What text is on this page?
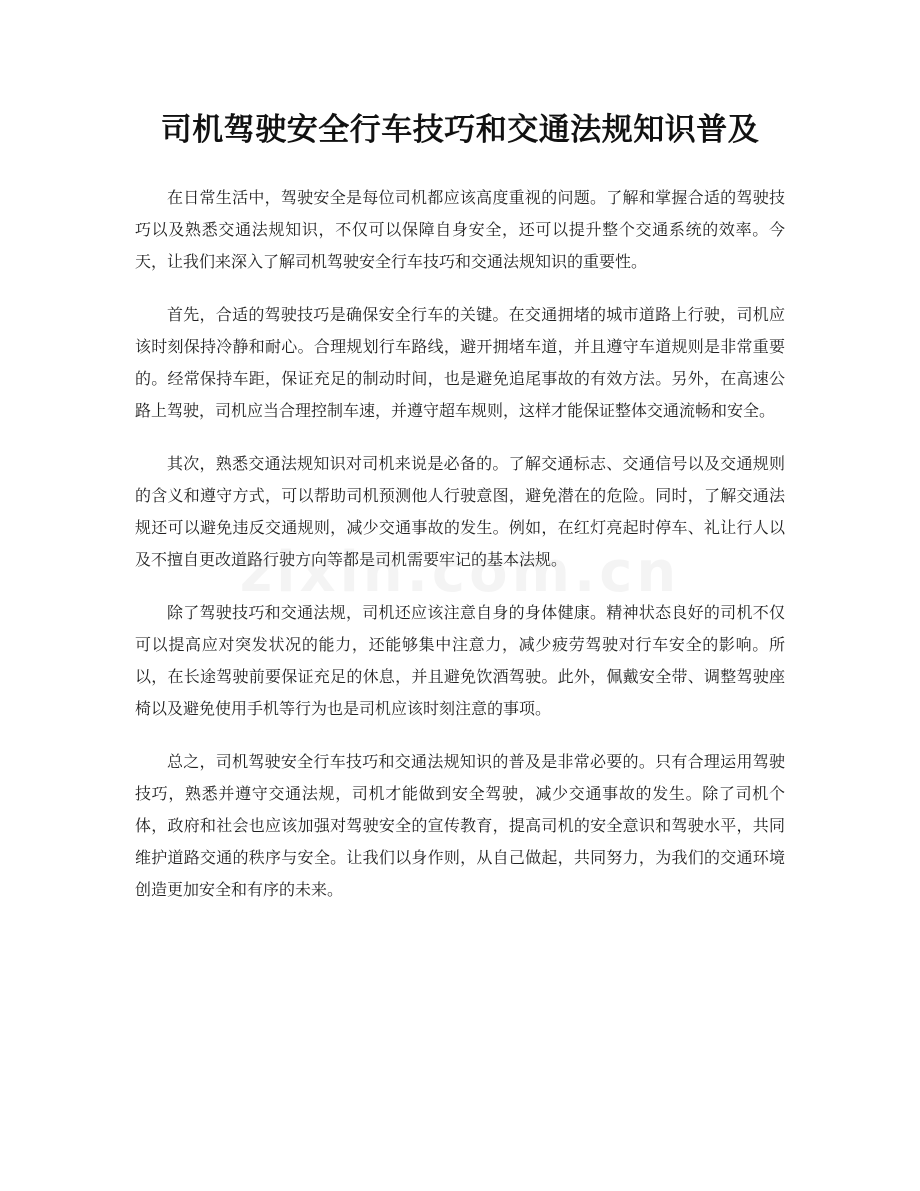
司机驾驶安全行车技巧和交通法规知识普及

在日常生活中，驾驶安全是每位司机都应该高度重视的问题。了解和掌握合适的驾驶技巧以及熟悉交通法规知识，不仅可以保障自身安全，还可以提升整个交通系统的效率。今天，让我们来深入了解司机驾驶安全行车技巧和交通法规知识的重要性。

首先，合适的驾驶技巧是确保安全行车的关键。在交通拥堵的城市道路上行驶，司机应该时刻保持冷静和耐心。合理规划行车路线，避开拥堵车道，并且遵守车道规则是非常重要的。经常保持车距，保证充足的制动时间，也是避免追尾事故的有效方法。另外，在高速公路上驾驶，司机应当合理控制车速，并遵守超车规则，这样才能保证整体交通流畅和安全。

其次，熟悉交通法规知识对司机来说是必备的。了解交通标志、交通信号以及交通规则的含义和遵守方式，可以帮助司机预测他人行驶意图，避免潜在的危险。同时，了解交通法规还可以避免违反交通规则，减少交通事故的发生。例如，在红灯亮起时停车、礼让行人以及不擅自更改道路行驶方向等都是司机需要牢记的基本法规。

除了驾驶技巧和交通法规，司机还应该注意自身的身体健康。精神状态良好的司机不仅可以提高应对突发状况的能力，还能够集中注意力，减少疲劳驾驶对行车安全的影响。所以，在长途驾驶前要保证充足的休息，并且避免饮酒驾驶。此外，佩戴安全带、调整驾驶座椅以及避免使用手机等行为也是司机应该时刻注意的事项。

总之，司机驾驶安全行车技巧和交通法规知识的普及是非常必要的。只有合理运用驾驶技巧，熟悉并遵守交通法规，司机才能做到安全驾驶，减少交通事故的发生。除了司机个体，政府和社会也应该加强对驾驶安全的宣传教育，提高司机的安全意识和驾驶水平，共同维护道路交通的秩序与安全。让我们以身作则，从自己做起，共同努力，为我们的交通环境创造更加安全和有序的未来。
